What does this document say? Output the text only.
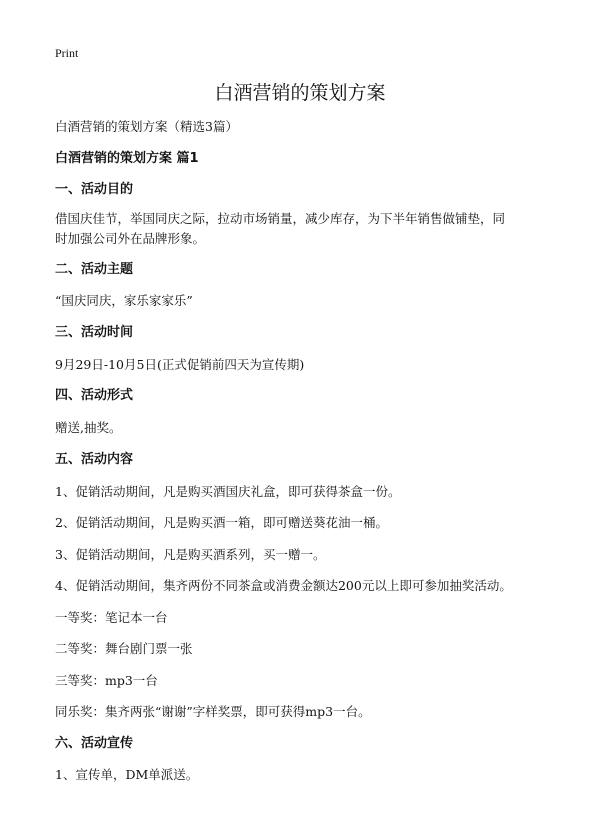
Print
白酒营销的策划方案

白酒营销的策划方案（精选3篇）

白酒营销的策划方案 篇1

一、活动目的

借国庆佳节，举国同庆之际，拉动市场销量，减少库存，为下半年销售做铺垫，同

时加强公司外在品牌形象。

二、活动主题

“国庆同庆，家乐家家乐”

三、活动时间

9月29日-10月5日(正式促销前四天为宣传期)

四、活动形式

赠送,抽奖。

五、活动内容

1、促销活动期间，凡是购买酒国庆礼盒，即可获得茶盒一份。

2、促销活动期间，凡是购买酒一箱，即可赠送葵花油一桶。

3、促销活动期间，凡是购买酒系列，买一赠一。

4、促销活动期间，集齐两份不同茶盒或消费金额达200元以上即可参加抽奖活动。

一等奖：笔记本一台

二等奖：舞台剧门票一张

三等奖：mp3一台

同乐奖：集齐两张“谢谢”字样奖票，即可获得mp3一台。

六、活动宣传

1、宣传单，DM单派送。
